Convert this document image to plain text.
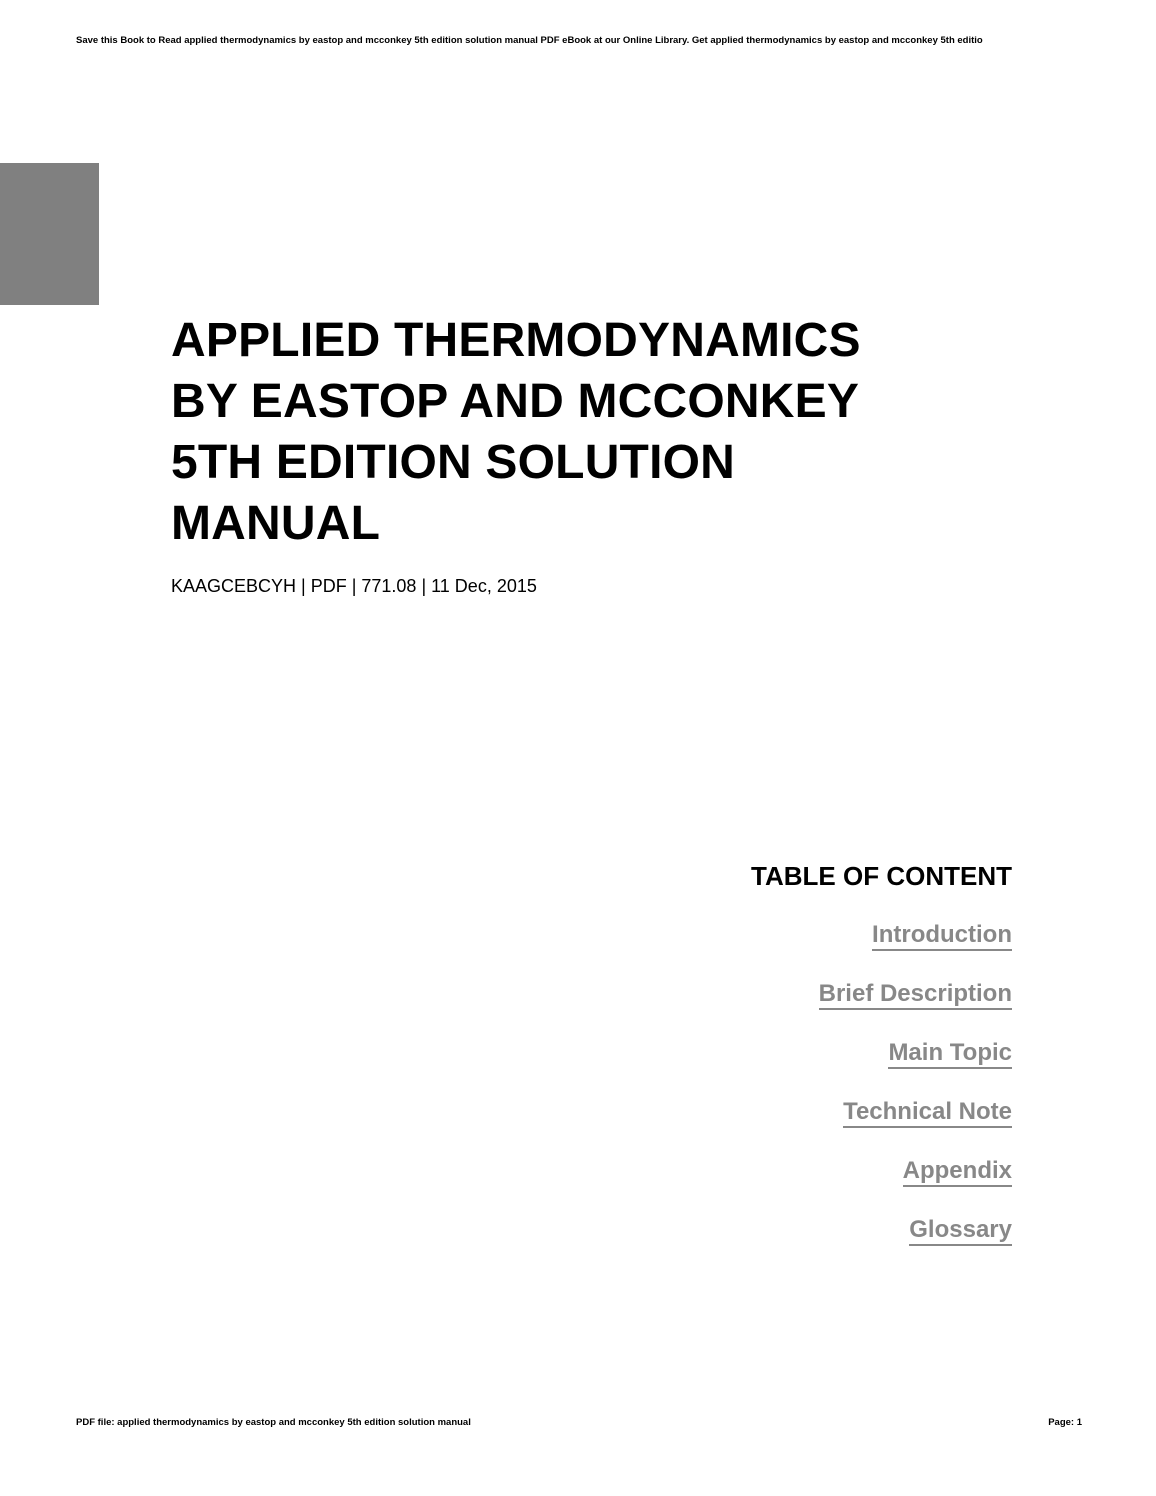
Save this Book to Read applied thermodynamics by eastop and mcconkey 5th edition solution manual PDF eBook at our Online Library. Get applied thermodynamics by eastop and mcconkey 5th editio
APPLIED THERMODYNAMICS BY EASTOP AND MCCONKEY 5TH EDITION SOLUTION MANUAL
KAAGCEBCYH | PDF | 771.08 | 11 Dec, 2015
TABLE OF CONTENT
Introduction
Brief Description
Main Topic
Technical Note
Appendix
Glossary
PDF file: applied thermodynamics by eastop and mcconkey 5th edition solution manual	Page: 1
